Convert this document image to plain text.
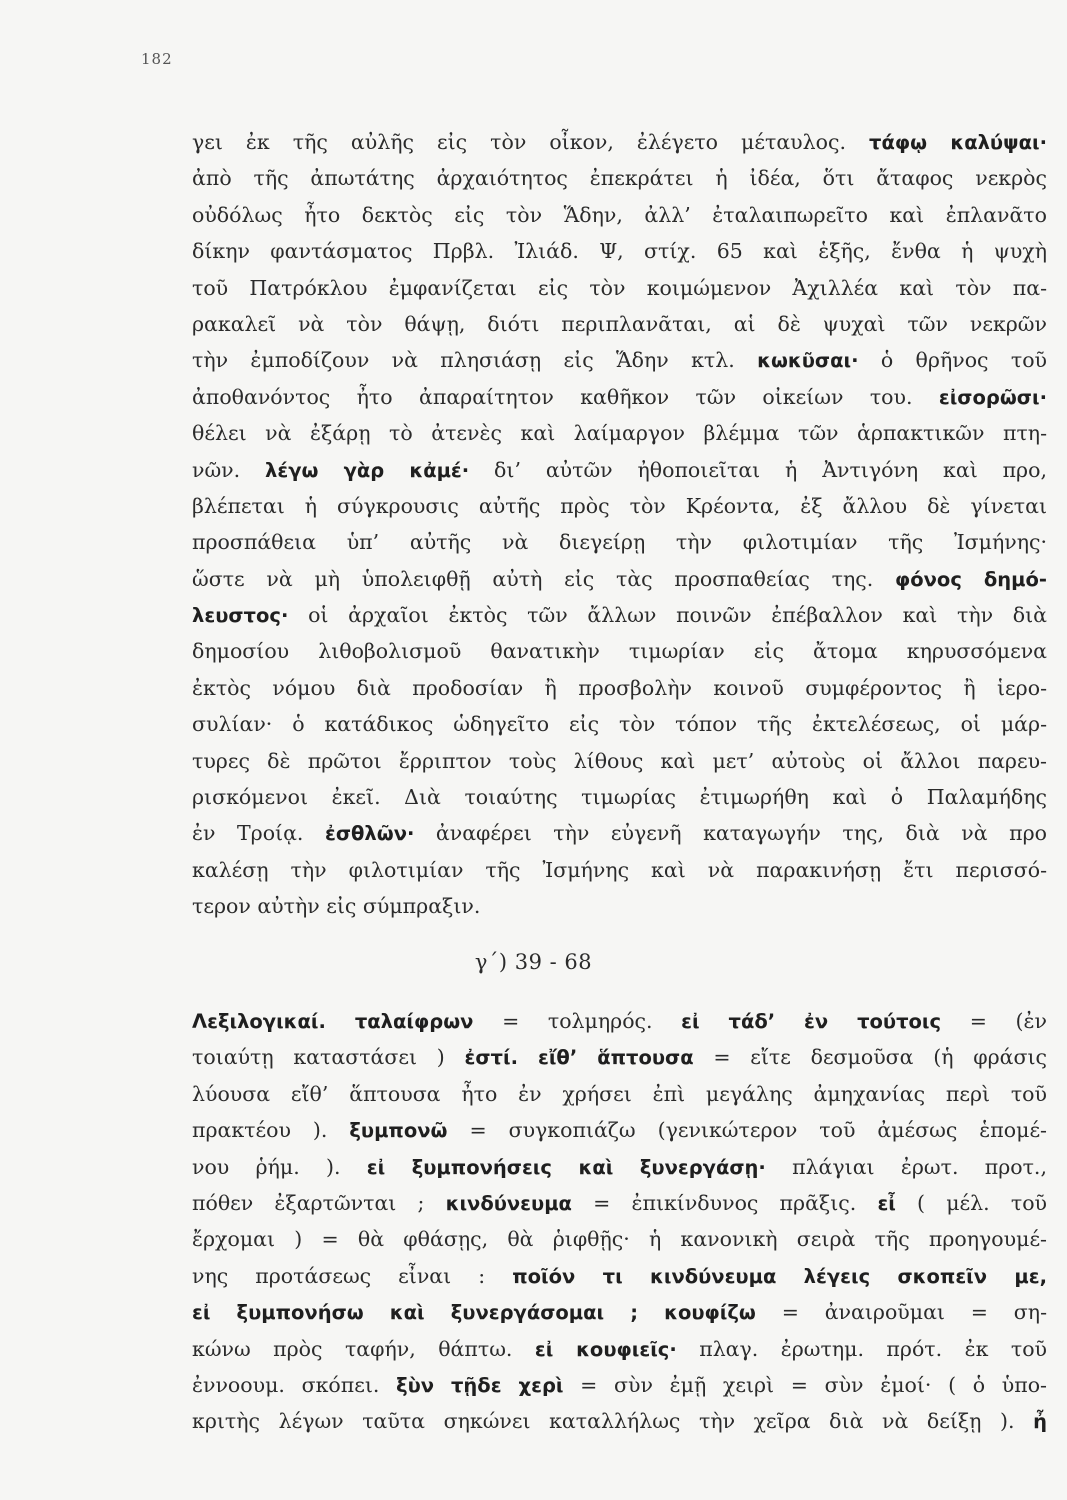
182
γει ἐκ τῆς αὐλῆς εἰς τὸν οἶκον, ἐλέγετο μέταυλος. τάφῳ καλύψαι·
ἀπὸ τῆς ἀπωτάτης ἀρχαιότητος ἐπεκράτει ἡ ἰδέα, ὅτι ἄταφος νεκρὸς
οὐδόλως ἦτο δεκτὸς εἰς τὸν Ἅδην, ἀλλ’ ἐταλαιπωρεῖτο καὶ ἐπλανᾶτο
δίκην φαντάσματος Πρβλ. Ἰλιάδ. Ψ, στίχ. 65 καὶ ἑξῆς, ἔνθα ἡ ψυχὴ
τοῦ Πατρόκλου ἐμφανίζεται εἰς τὸν κοιμώμενον Ἀχιλλέα καὶ τὸν πα-
ρακαλεῖ νὰ τὸν θάψῃ, διότι περιπλανᾶται, αἱ δὲ ψυχαὶ τῶν νεκρῶν
τὴν ἐμποδίζουν νὰ πλησιάσῃ εἰς Ἅδην κτλ. κωκῦσαι· ὁ θρῆνος τοῦ
ἀποθανόντος ἦτο ἀπαραίτητον καθῆκον τῶν οἰκείων του. εἰσορῶσι·
θέλει νὰ ἐξάρῃ τὸ ἀτενὲς καὶ λαίμαργον βλέμμα τῶν ἁρπακτικῶν πτη-
νῶν. λέγω γὰρ κἀμέ· δι’ αὐτῶν ἠθοποιεῖται ἡ Ἀντιγόνη καὶ προ,
βλέπεται ἡ σύγκρουσις αὐτῆς πρὸς τὸν Κρέοντα, ἐξ ἄλλου δὲ γίνεται
προσπάθεια ὑπ’ αὐτῆς νὰ διεγείρῃ τὴν φιλοτιμίαν τῆς Ἰσμήνης·
ὥστε νὰ μὴ ὑπολειφθῇ αὐτὴ εἰς τὰς προσπαθείας της. φόνος δημό-
λευστος· οἱ ἀρχαῖοι ἐκτὸς τῶν ἄλλων ποινῶν ἐπέβαλλον καὶ τὴν διὰ
δημοσίου λιθοβολισμοῦ θανατικὴν τιμωρίαν εἰς ἄτομα κηρυσσόμενα
ἐκτὸς νόμου διὰ προδοσίαν ἢ προσβολὴν κοινοῦ συμφέροντος ἢ ἱερο-
συλίαν· ὁ κατάδικος ὡδηγεῖτο εἰς τὸν τόπον τῆς ἐκτελέσεως, οἱ μάρ-
τυρες δὲ πρῶτοι ἔρριπτον τοὺς λίθους καὶ μετ’ αὐτοὺς οἱ ἄλλοι παρευ-
ρισκόμενοι ἐκεῖ. Διὰ τοιαύτης τιμωρίας ἐτιμωρήθη καὶ ὁ Παλαμήδης
ἐν Τροίᾳ. ἐσθλῶν· ἀναφέρει τὴν εὐγενῆ καταγωγήν της, διὰ νὰ προ
καλέσῃ τὴν φιλοτιμίαν τῆς Ἰσμήνης καὶ νὰ παρακινήσῃ ἔτι περισσό-
τερον αὐτὴν εἰς σύμπραξιν.
γ΄) 39 - 68
Λεξιλογικαί. ταλαίφρων = τολμηρός. εἰ τάδ’ ἐν τούτοις = (ἐν
τοιαύτῃ καταστάσει ) ἐστί. εἴθ’ ἅπτουσα = εἴτε δεσμοῦσα (ἡ φράσις
λύουσα εἴθ’ ἅπτουσα ἦτο ἐν χρήσει ἐπὶ μεγάλης ἀμηχανίας περὶ τοῦ
πρακτέου ). ξυμπονῶ = συγκοπιάζω (γενικώτερον τοῦ ἀμέσως ἑπομέ-
νου ῥήμ. ). εἰ ξυμπονήσεις καὶ ξυνεργάσῃ· πλάγιαι ἐρωτ. προτ.,
πόθεν ἐξαρτῶνται ; κινδύνευμα = ἐπικίνδυνος πρᾶξις. εἶ ( μέλ. τοῦ
ἔρχομαι ) = θὰ φθάσῃς, θὰ ῥιφθῇς· ἡ κανονικὴ σειρὰ τῆς προηγουμέ-
νης προτάσεως εἶναι : ποῖόν τι κινδύνευμα λέγεις σκοπεῖν με,
εἰ ξυμπονήσω καὶ ξυνεργάσομαι ; κουφίζω = ἀναιροῦμαι = ση-
κώνω πρὸς ταφήν, θάπτω. εἰ κουφιεῖς· πλαγ. ἐρωτημ. πρότ. ἐκ τοῦ
ἐννοουμ. σκόπει. ξὺν τῇδε χερὶ = σὺν ἐμῇ χειρὶ = σὺν ἐμοί· ( ὁ ὑπο-
κριτὴς λέγων ταῦτα σηκώνει καταλλήλως τὴν χεῖρα διὰ νὰ δείξῃ ). ἦ
